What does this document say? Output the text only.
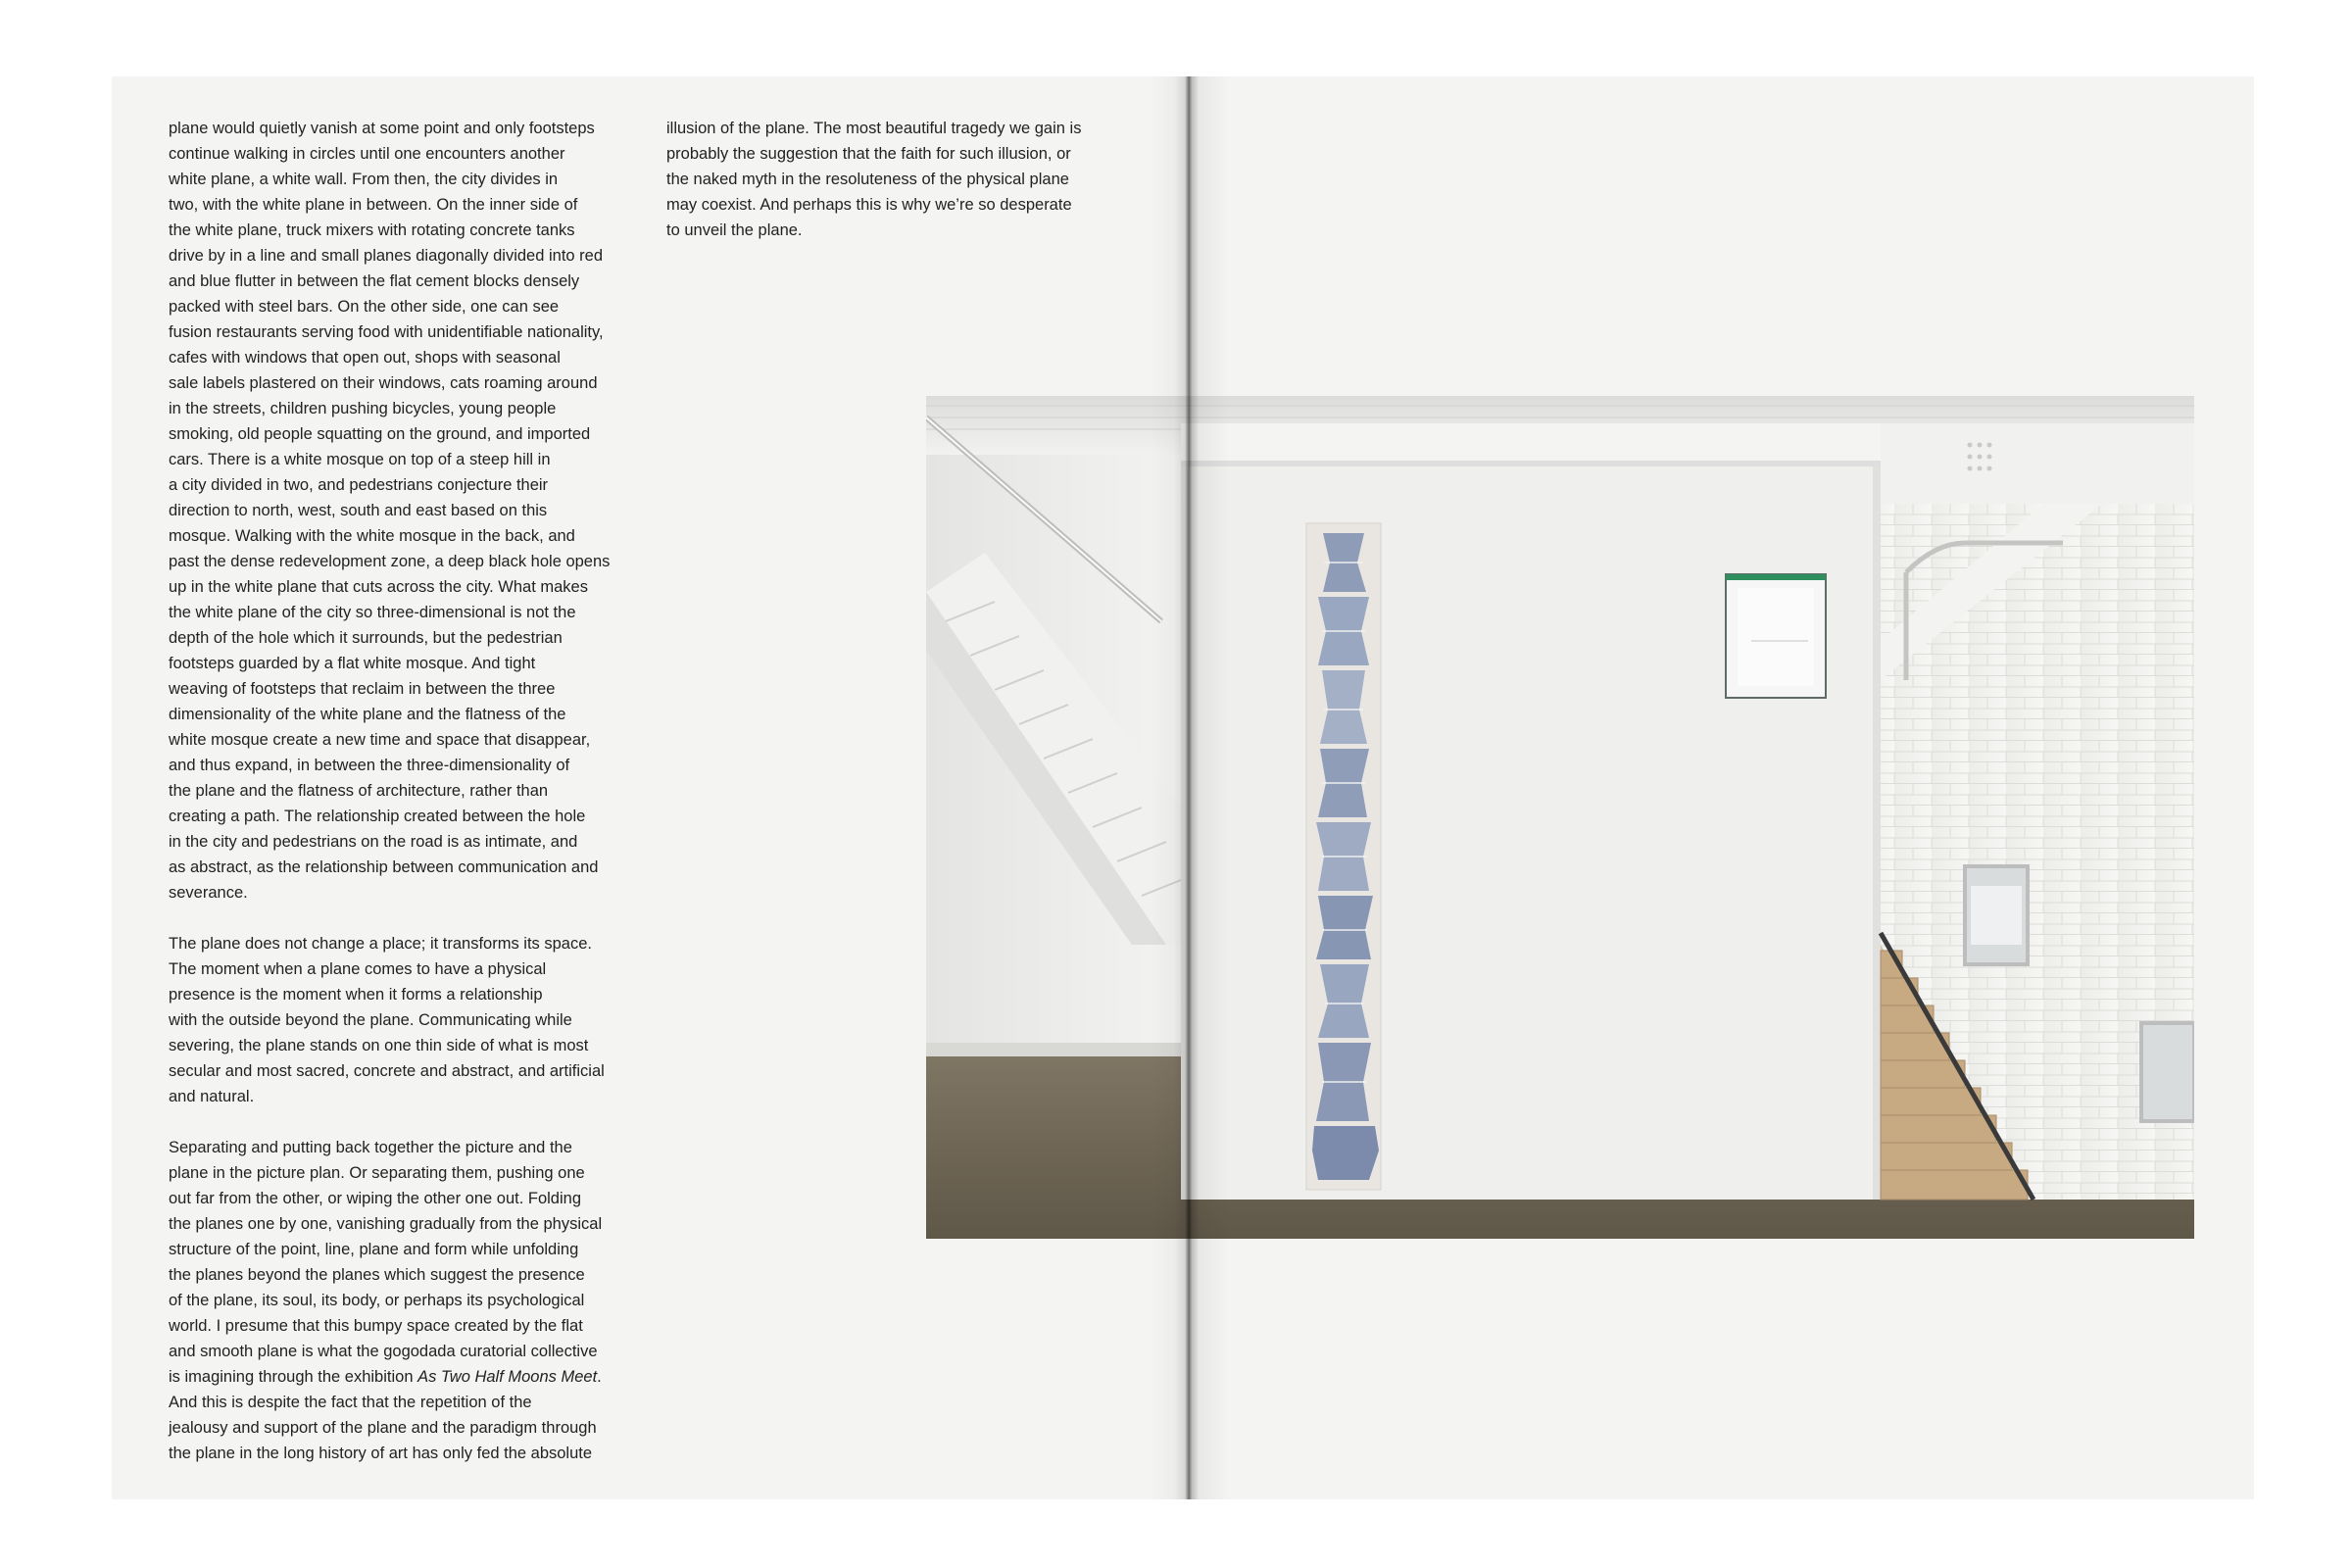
plane would quietly vanish at some point and only footsteps
continue walking in circles until one encounters another
white plane, a white wall. From then, the city divides in
two, with the white plane in between. On the inner side of
the white plane, truck mixers with rotating concrete tanks
drive by in a line and small planes diagonally divided into red
and blue flutter in between the flat cement blocks densely
packed with steel bars. On the other side, one can see
fusion restaurants serving food with unidentifiable nationality,
cafes with windows that open out, shops with seasonal
sale labels plastered on their windows, cats roaming around
in the streets, children pushing bicycles, young people
smoking, old people squatting on the ground, and imported
cars. There is a white mosque on top of a steep hill in
a city divided in two, and pedestrians conjecture their
direction to north, west, south and east based on this
mosque. Walking with the white mosque in the back, and
past the dense redevelopment zone, a deep black hole opens
up in the white plane that cuts across the city. What makes
the white plane of the city so three-dimensional is not the
depth of the hole which it surrounds, but the pedestrian
footsteps guarded by a flat white mosque. And tight
weaving of footsteps that reclaim in between the three
dimensionality of the white plane and the flatness of the
white mosque create a new time and space that disappear,
and thus expand, in between the three-dimensionality of
the plane and the flatness of architecture, rather than
creating a path. The relationship created between the hole
in the city and pedestrians on the road is as intimate, and
as abstract, as the relationship between communication and
severance.

The plane does not change a place; it transforms its space.
The moment when a plane comes to have a physical
presence is the moment when it forms a relationship
with the outside beyond the plane. Communicating while
severing, the plane stands on one thin side of what is most
secular and most sacred, concrete and abstract, and artificial
and natural.

Separating and putting back together the picture and the
plane in the picture plan. Or separating them, pushing one
out far from the other, or wiping the other one out. Folding
the planes one by one, vanishing gradually from the physical
structure of the point, line, plane and form while unfolding
the planes beyond the planes which suggest the presence
of the plane, its soul, its body, or perhaps its psychological
world. I presume that this bumpy space created by the flat
and smooth plane is what the gogodada curatorial collective
is imagining through the exhibition As Two Half Moons Meet.
And this is despite the fact that the repetition of the
jealousy and support of the plane and the paradigm through
the plane in the long history of art has only fed the absolute

illusion of the plane. The most beautiful tragedy we gain is
probably the suggestion that the faith for such illusion, or
the naked myth in the resoluteness of the physical plane
may coexist. And perhaps this is why we’re so desperate
to unveil the plane.
